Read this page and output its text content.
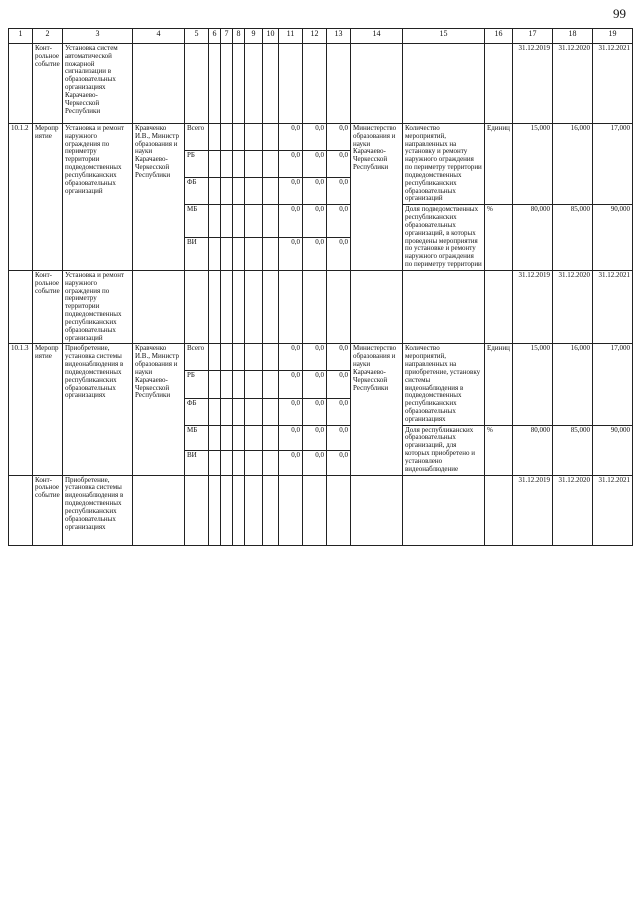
99
1	2	3	4	5	6	7	8	9	10	11	12	13	14	15	16	17	18	19
	Конт-рольное событие	Установка систем автоматической пожарной сигнализации в образовательных организациях Карачаево-Черкесской Республики														31.12.2019	31.12.2020	31.12.2021
10.1.2	Мероприятие	Установка и ремонт наружного ограждения по периметру территории подведомственных республиканских образовательных организаций	Кравченко И.В., Министр образования и науки Карачаево-Черкесской Республики	Всего						0,0	0,0	0,0	Министерство образования и науки Карачаево-Черкесской Республики	Количество мероприятий, направленных на установку и ремонту наружного ограждения по периметру территории подведомственных республиканских образовательных организаций	Единиц	15,000	16,000	17,000
				РБ						0,0	0,0	0,0						
				ФБ						0,0	0,0	0,0						
				МБ						0,0	0,0	0,0		Доля подведомственных республиканских образовательных организаций, в которых проведены мероприятия по установке и ремонту наружного ограждения по периметру территории	%	80,000	85,000	90,000
				ВИ						0,0	0,0	0,0						
	Конт-рольное событие	Установка и ремонт наружного ограждения по периметру территории подведомственных республиканских образовательных организаций														31.12.2019	31.12.2020	31.12.2021
10.1.3	Мероприятие	Приобретение, установка системы видеонаблюдения в подведомственных республиканских образовательных организациях	Кравченко И.В., Министр образования и науки Карачаево-Черкесской Республики	Всего						0,0	0,0	0,0	Министерство образования и науки Карачаево-Черкесской Республики	Количество мероприятий, направленных на приобретение, установку системы видеонаблюдения в подведомственных республиканских образовательных организациях	Единиц	15,000	16,000	17,000
				РБ						0,0	0,0	0,0						
				ФБ						0,0	0,0	0,0						
				МБ						0,0	0,0	0,0		Доля республиканских образовательных организаций, для которых приобретено и установлено видеонаблюдение	%	80,000	85,000	90,000
				ВИ						0,0	0,0	0,0						
	Конт-рольное событие	Приобретение, установка системы видеонаблюдения в подведомственных республиканских образовательных организациях														31.12.2019	31.12.2020	31.12.2021
